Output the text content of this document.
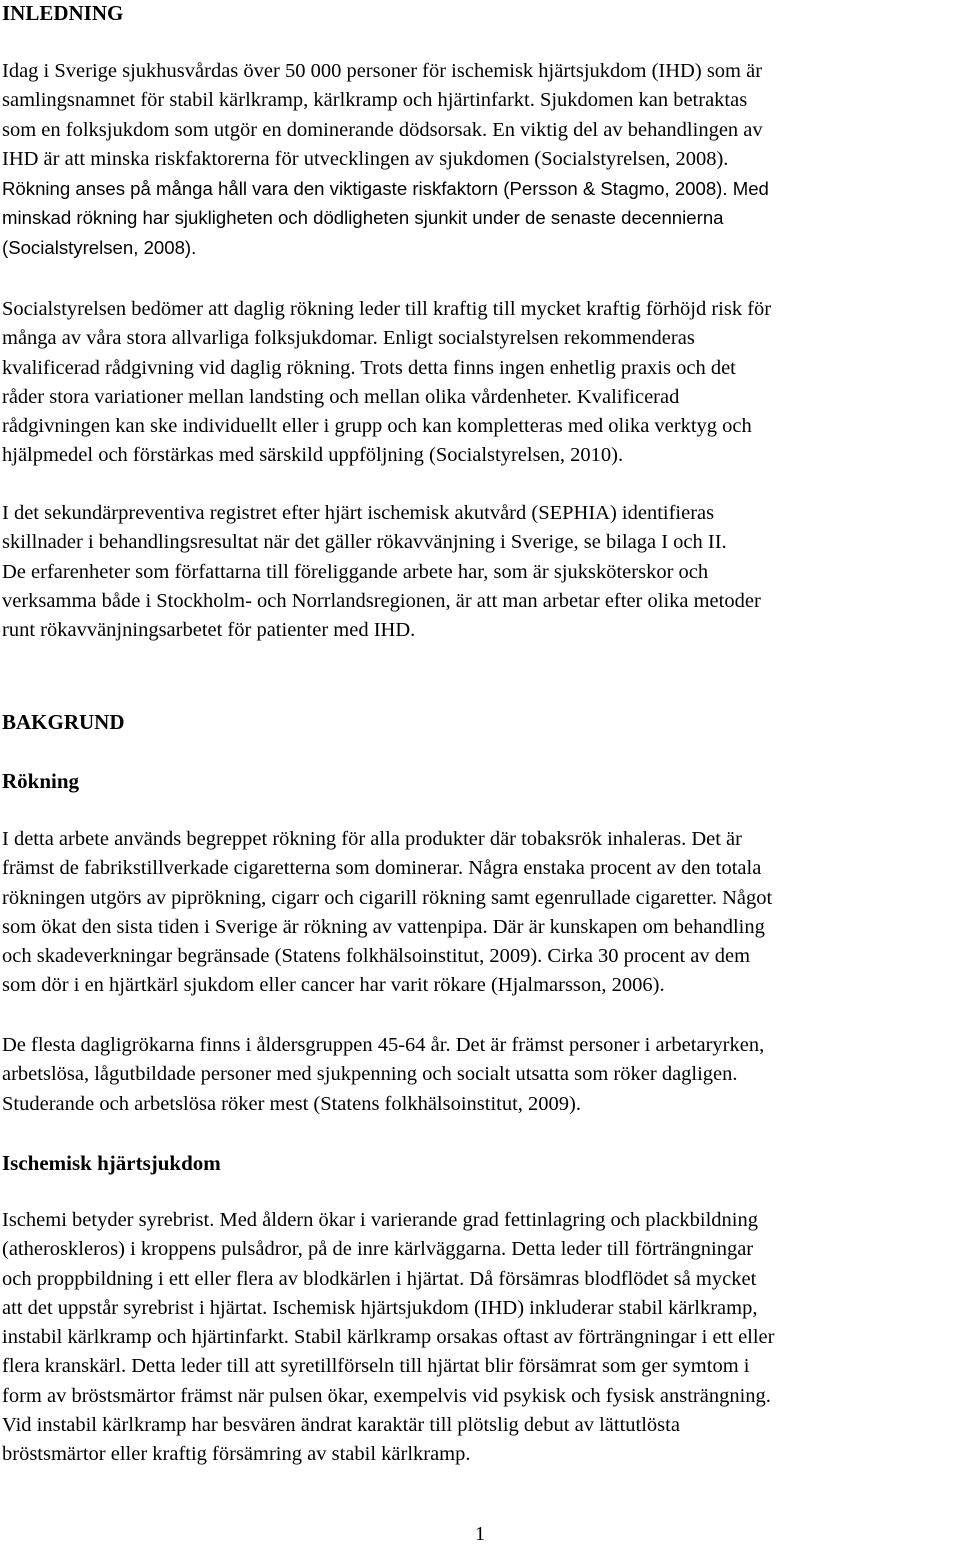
INLEDNING
Idag i Sverige sjukhusvårdas över 50 000 personer för ischemisk hjärtsjukdom (IHD) som är
samlingsnamnet för stabil kärlkramp, kärlkramp och hjärtinfarkt. Sjukdomen kan betraktas
som en folksjukdom som utgör en dominerande dödsorsak. En viktig del av behandlingen av
IHD är att minska riskfaktorerna för utvecklingen av sjukdomen (Socialstyrelsen, 2008).
Rökning anses på många håll vara den viktigaste riskfaktorn (Persson & Stagmo, 2008). Med
minskad rökning har sjukligheten och dödligheten sjunkit under de senaste decennierna
(Socialstyrelsen, 2008).
Socialstyrelsen bedömer att daglig rökning leder till kraftig till mycket kraftig förhöjd risk för
många av våra stora allvarliga folksjukdomar. Enligt socialstyrelsen rekommenderas
kvalificerad rådgivning vid daglig rökning. Trots detta finns ingen enhetlig praxis och det
råder stora variationer mellan landsting och mellan olika vårdenheter. Kvalificerad
rådgivningen kan ske individuellt eller i grupp och kan kompletteras med olika verktyg och
hjälpmedel och förstärkas med särskild uppföljning (Socialstyrelsen, 2010).
I det sekundärpreventiva registret efter hjärt ischemisk akutvård (SEPHIA) identifieras
skillnader i behandlingsresultat när det gäller rökavvänjning i Sverige, se bilaga I och II.
De erfarenheter som författarna till föreliggande arbete har, som är sjuksköterskor och
verksamma både i Stockholm- och Norrlandsregionen, är att man arbetar efter olika metoder
runt rökavvänjningsarbetet för patienter med IHD.
BAKGRUND
Rökning
I detta arbete används begreppet rökning för alla produkter där tobaksrök inhaleras. Det är
främst de fabrikstillverkade cigaretterna som dominerar. Några enstaka procent av den totala
rökningen utgörs av piprökning, cigarr och cigarill rökning samt egenrullade cigaretter. Något
som ökat den sista tiden i Sverige är rökning av vattenpipa. Där är kunskapen om behandling
och skadeverkningar begränsade (Statens folkhälsoinstitut, 2009). Cirka 30 procent av dem
som dör i en hjärtkärl sjukdom eller cancer har varit rökare (Hjalmarsson, 2006).
De flesta dagligrökarna finns i åldersgruppen 45-64 år. Det är främst personer i arbetaryrken,
arbetslösa, lågutbildade personer med sjukpenning och socialt utsatta som röker dagligen.
Studerande och arbetslösa röker mest (Statens folkhälsoinstitut, 2009).
Ischemisk hjärtsjukdom
Ischemi betyder syrebrist. Med åldern ökar i varierande grad fettinlagring och plackbildning
(atheroskleros) i kroppens pulsådror, på de inre kärlväggarna. Detta leder till förträngningar
och proppbildning i ett eller flera av blodkärlen i hjärtat. Då försämras blodflödet så mycket
att det uppstår syrebrist i hjärtat. Ischemisk hjärtsjukdom (IHD) inkluderar stabil kärlkramp,
instabil kärlkramp och hjärtinfarkt. Stabil kärlkramp orsakas oftast av förträngningar i ett eller
flera kranskärl. Detta leder till att syretillförseln till hjärtat blir försämrat som ger symtom i
form av bröstsmärtor främst när pulsen ökar, exempelvis vid psykisk och fysisk ansträngning.
Vid instabil kärlkramp har besvären ändrat karaktär till plötslig debut av lättutlösta
bröstsmärtor eller kraftig försämring av stabil kärlkramp.
1
